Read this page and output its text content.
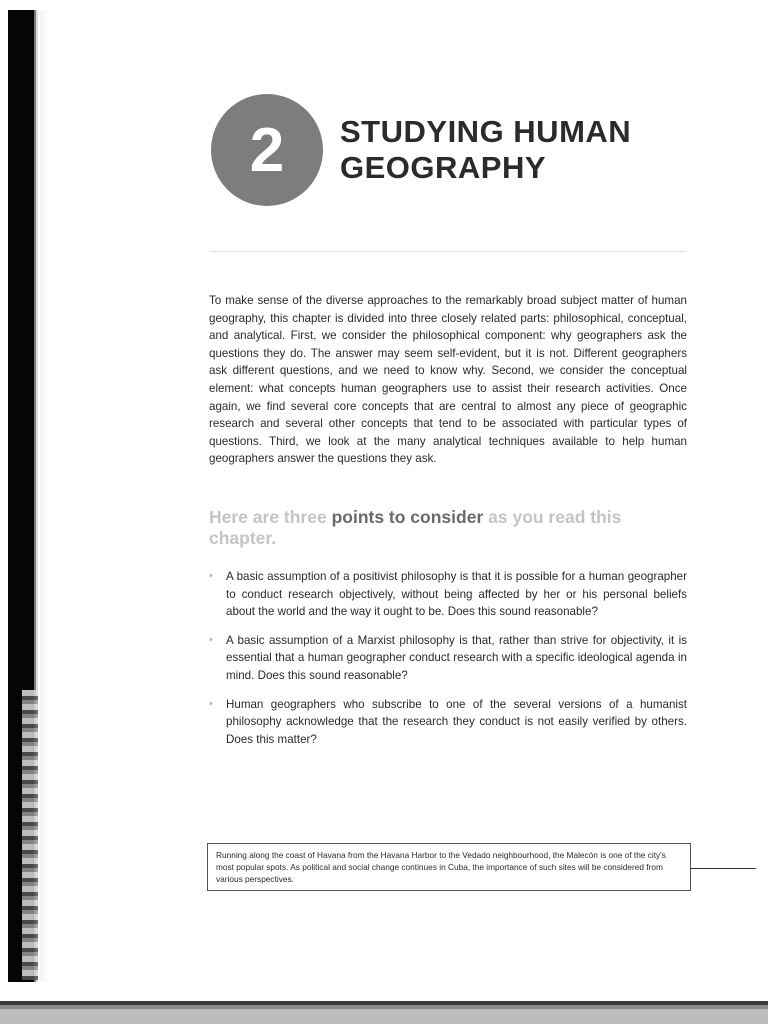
2 STUDYING HUMAN GEOGRAPHY

To make sense of the diverse approaches to the remarkably broad subject matter of human geography, this chapter is divided into three closely related parts: philosophical, conceptual, and analytical. First, we consider the philosophical component: why geographers ask the questions they do. The answer may seem self-evident, but it is not. Different geographers ask different questions, and we need to know why. Second, we consider the conceptual element: what concepts human geographers use to assist their research activities. Once again, we find several core concepts that are central to almost any piece of geographic research and several other concepts that tend to be associated with particular types of questions. Third, we look at the many analytical techniques available to help human geographers answer the questions they ask.

Here are three points to consider as you read this chapter.
• A basic assumption of a positivist philosophy is that it is possible for a human geographer to conduct research objectively, without being affected by her or his personal beliefs about the world and the way it ought to be. Does this sound reasonable?
• A basic assumption of a Marxist philosophy is that, rather than strive for objectivity, it is essential that a human geographer conduct research with a specific ideological agenda in mind. Does this sound reasonable?
• Human geographers who subscribe to one of the several versions of a humanist philosophy acknowledge that the research they conduct is not easily verified by others. Does this matter?
Running along the coast of Havana from the Havana Harbor to the Vedado neighbourhood, the Malecón is one of the city's most popular spots. As political and social change continues in Cuba, the importance of such sites will be considered from various perspectives.
